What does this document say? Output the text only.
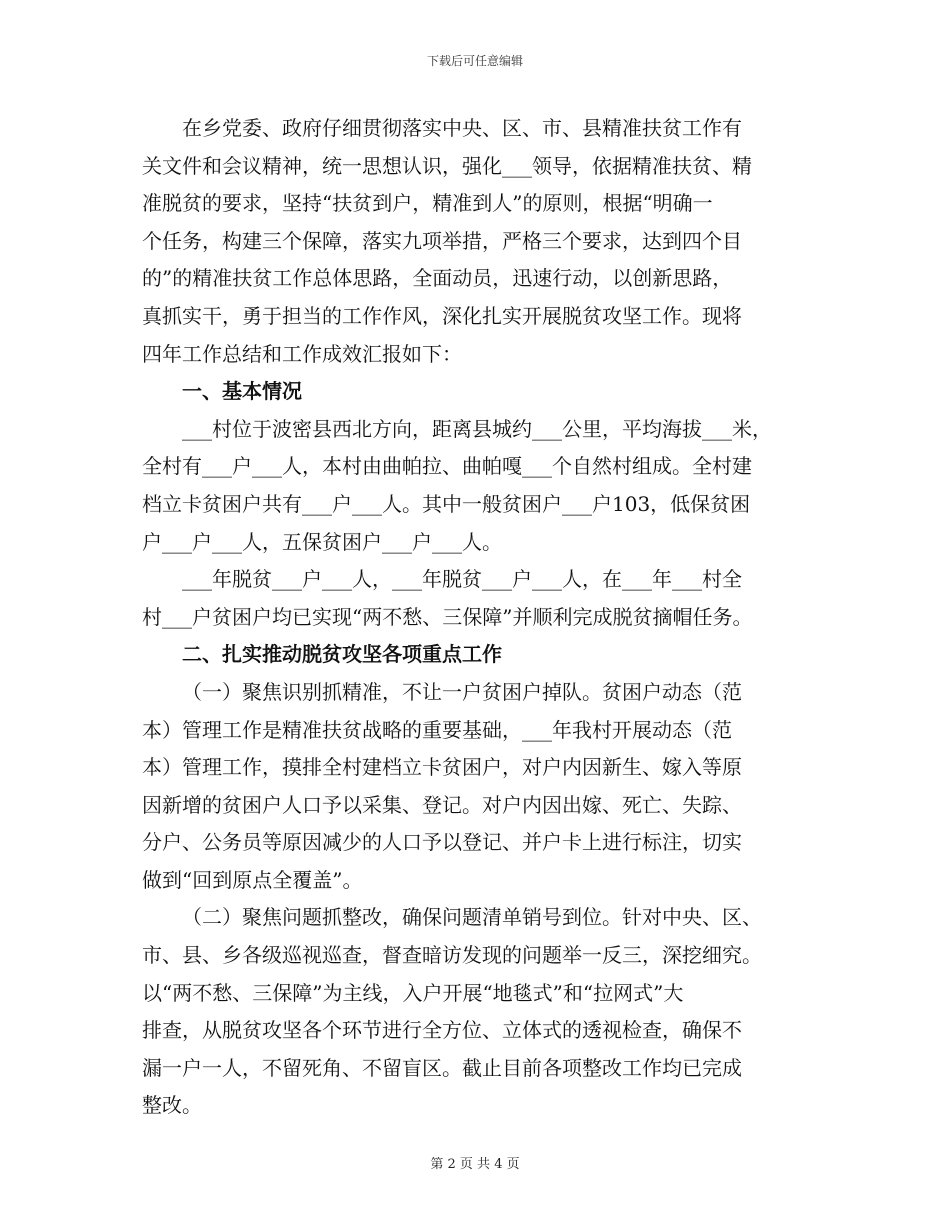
下载后可任意编辑
在乡党委、政府仔细贯彻落实中央、区、市、县精准扶贫工作有
关文件和会议精神，统一思想认识，强化___领导，依据精准扶贫、精
准脱贫的要求，坚持“扶贫到户，精准到人”的原则，根据“明确一
个任务，构建三个保障，落实九项举措，严格三个要求，达到四个目
的”的精准扶贫工作总体思路，全面动员，迅速行动，以创新思路，
真抓实干，勇于担当的工作作风，深化扎实开展脱贫攻坚工作。现将
四年工作总结和工作成效汇报如下：
一、基本情况
___村位于波密县西北方向，距离县城约___公里，平均海拔___米，
全村有___户___人，本村由曲帕拉、曲帕嘎___个自然村组成。全村建
档立卡贫困户共有___户___人。其中一般贫困户___户103，低保贫困
户___户___人，五保贫困户___户___人。
___年脱贫___户___人，___年脱贫___户___人，在___年___村全
村___户贫困户均已实现“两不愁、三保障”并顺利完成脱贫摘帽任务。
二、扎实推动脱贫攻坚各项重点工作
（一）聚焦识别抓精准，不让一户贫困户掉队。贫困户动态（范
本）管理工作是精准扶贫战略的重要基础，___年我村开展动态（范
本）管理工作，摸排全村建档立卡贫困户，对户内因新生、嫁入等原
因新增的贫困户人口予以采集、登记。对户内因出嫁、死亡、失踪、
分户、公务员等原因减少的人口予以登记、并户卡上进行标注，切实
做到“回到原点全覆盖”。
（二）聚焦问题抓整改，确保问题清单销号到位。针对中央、区、
市、县、乡各级巡视巡查，督查暗访发现的问题举一反三，深挖细究。
以“两不愁、三保障”为主线，入户开展“地毯式”和“拉网式”大
排查，从脱贫攻坚各个环节进行全方位、立体式的透视检查，确保不
漏一户一人，不留死角、不留盲区。截止目前各项整改工作均已完成
整改。
第 2 页 共 4 页
